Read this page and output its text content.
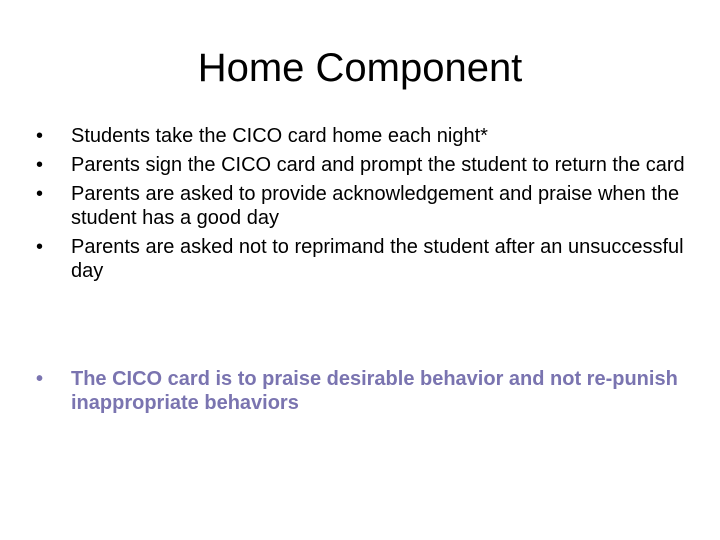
Home Component
•	Students take the CICO card home each night*
•	Parents sign the CICO card and prompt the student to return the card
•	Parents are asked to provide acknowledgement and praise when the student has a good day
•	Parents are asked not to reprimand the student after an unsuccessful day
•	The CICO card is to praise desirable behavior and not re-punish inappropriate behaviors
